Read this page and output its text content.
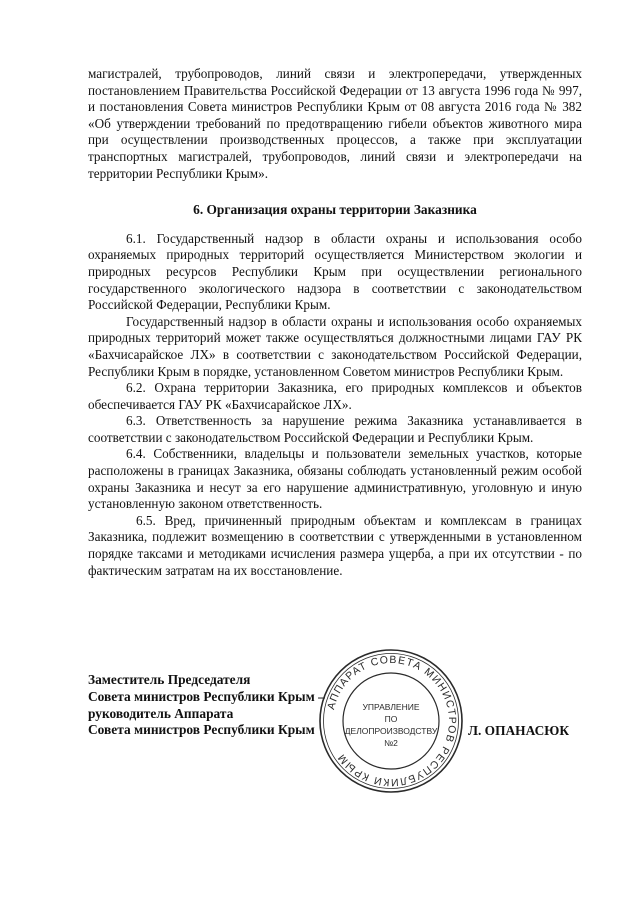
магистралей, трубопроводов, линий связи и электропередачи, утвержденных постановлением Правительства Российской Федерации от 13 августа 1996 года № 997, и постановления Совета министров Республики Крым от 08 августа 2016 года № 382 «Об утверждении требований по предотвращению гибели объектов животного мира при осуществлении производственных процессов, а также при эксплуатации транспортных магистралей, трубопроводов, линий связи и электропередачи на территории Республики Крым».

6. Организация охраны территории Заказника

6.1. Государственный надзор в области охраны и использования особо охраняемых природных территорий осуществляется Министерством экологии и природных ресурсов Республики Крым при осуществлении регионального государственного экологического надзора в соответствии с законодательством Российской Федерации, Республики Крым.

Государственный надзор в области охраны и использования особо охраняемых природных территорий может также осуществляться должностными лицами ГАУ РК «Бахчисарайское ЛХ» в соответствии с законодательством Российской Федерации, Республики Крым в порядке, установленном Советом министров Республики Крым.

6.2. Охрана территории Заказника, его природных комплексов и объектов обеспечивается ГАУ РК «Бахчисарайское ЛХ».

6.3. Ответственность за нарушение режима Заказника устанавливается в соответствии с законодательством Российской Федерации и Республики Крым.

6.4. Собственники, владельцы и пользователи земельных участков, которые расположены в границах Заказника, обязаны соблюдать установленный режим особой охраны Заказника и несут за его нарушение административную, уголовную и иную установленную законом ответственность.

6.5. Вред, причиненный природным объектам и комплексам в границах Заказника, подлежит возмещению в соответствии с утвержденными в установленном порядке таксами и методиками исчисления размера ущерба, а при их отсутствии - по фактическим затратам на их восстановление.

Заместитель Председателя
Совета министров Республики Крым –
руководитель Аппарата
Совета министров Республики Крым
АППАРАТ СОВЕТА МИНИСТРОВ РЕСПУБЛИКИ КРЫМ
УПРАВЛЕНИЕ
ПО
ДЕЛОПРОИЗВОДСТВУ
№2
Л. ОПАНАСЮК
